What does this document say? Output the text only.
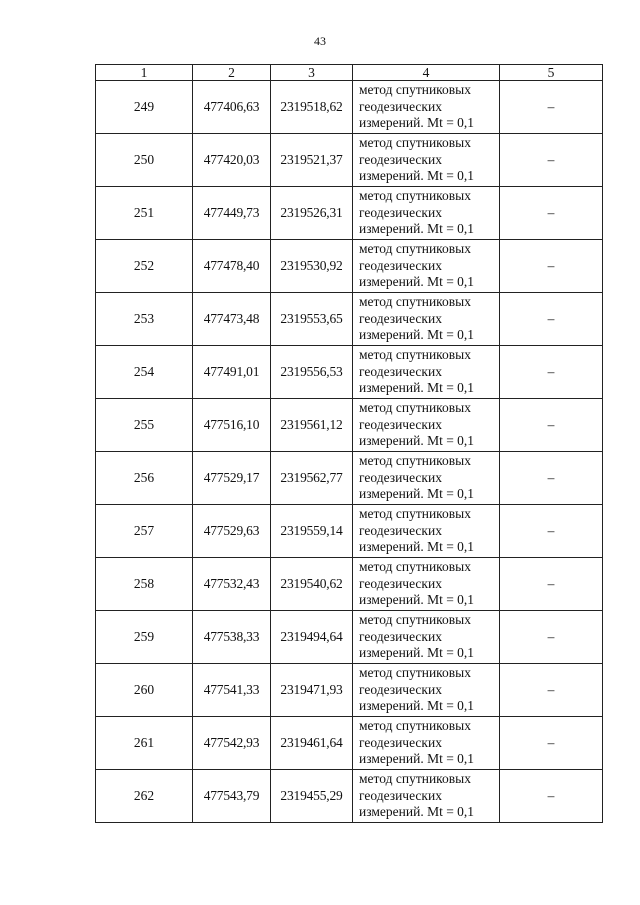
43
1	2	3	4	5
249	477406,63	2319518,62	метод спутниковых
геодезических
измерений. Mt = 0,1	–
250	477420,03	2319521,37	метод спутниковых
геодезических
измерений. Mt = 0,1	–
251	477449,73	2319526,31	метод спутниковых
геодезических
измерений. Mt = 0,1	–
252	477478,40	2319530,92	метод спутниковых
геодезических
измерений. Mt = 0,1	–
253	477473,48	2319553,65	метод спутниковых
геодезических
измерений. Mt = 0,1	–
254	477491,01	2319556,53	метод спутниковых
геодезических
измерений. Mt = 0,1	–
255	477516,10	2319561,12	метод спутниковых
геодезических
измерений. Mt = 0,1	–
256	477529,17	2319562,77	метод спутниковых
геодезических
измерений. Mt = 0,1	–
257	477529,63	2319559,14	метод спутниковых
геодезических
измерений. Mt = 0,1	–
258	477532,43	2319540,62	метод спутниковых
геодезических
измерений. Mt = 0,1	–
259	477538,33	2319494,64	метод спутниковых
геодезических
измерений. Mt = 0,1	–
260	477541,33	2319471,93	метод спутниковых
геодезических
измерений. Mt = 0,1	–
261	477542,93	2319461,64	метод спутниковых
геодезических
измерений. Mt = 0,1	–
262	477543,79	2319455,29	метод спутниковых
геодезических
измерений. Mt = 0,1	–
